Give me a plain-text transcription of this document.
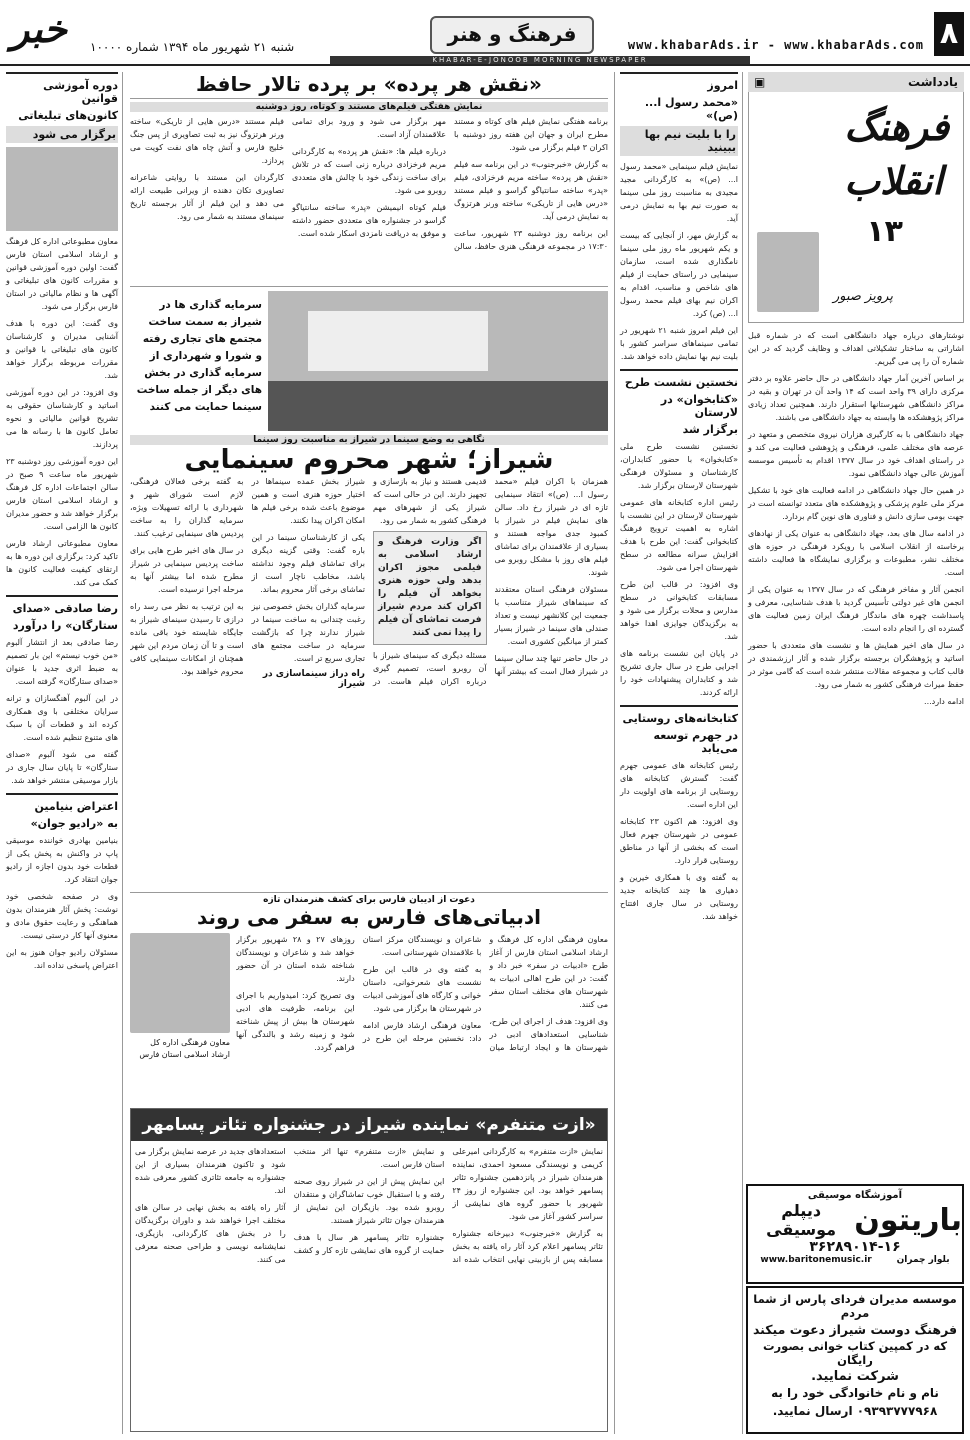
۸
www.khabarAds.ir - www.khabarAds.com
فرهنگ و هنر
خبر	شنبه ۲۱ شهریور ماه ۱۳۹۴ شماره ۱۰۰۰۰
KHABAR-E-JONOOB MORNING NEWSPAPER
یادداشت
▣
فرهنگ
انقلاب
۱۳
پرویز صبور

نوشتارهای درباره جهاد دانشگاهی است که در شماره قبل اشاراتی به ساختار تشکیلاتی اهداف و وظایف گردید که در این شماره آن را پی می گیریم.

بر اساس آخرین آمار جهاد دانشگاهی در حال حاضر علاوه بر دفتر مرکزی دارای ۳۹ واحد است که ۱۴ واحد آن در تهران و بقیه در مراکز دانشگاهی شهرستانها استقرار دارند. همچنین تعداد زیادی مراکز پژوهشکده ها وابسته به جهاد دانشگاهی می باشند.

جهاد دانشگاهی با به کارگیری هزاران نیروی متخصص و متعهد در عرصه های مختلف علمی، فرهنگی و پژوهشی فعالیت می کند و در راستای اهداف خود در سال ۱۳۷۷ اقدام به تأسیس موسسه آموزش عالی جهاد دانشگاهی نمود.

در همین حال جهاد دانشگاهی در ادامه فعالیت های خود با تشکیل مرکز ملی علوم پزشکی و پژوهشکده های متعدد توانسته است در جهت بومی سازی دانش و فناوری های نوین گام بردارد.

در ادامه سال های بعد، جهاد دانشگاهی به عنوان یکی از نهادهای برخاسته از انقلاب اسلامی با رویکرد فرهنگی در حوزه های مختلف نشر، مطبوعات و برگزاری نمایشگاه ها فعالیت داشته است.

انجمن آثار و مفاخر فرهنگی که در سال ۱۳۷۷ به عنوان یکی از انجمن های غیر دولتی تأسیس گردید با هدف شناسایی، معرفی و پاسداشت چهره های ماندگار فرهنگ ایران زمین فعالیت های گسترده ای را انجام داده است.

در سال های اخیر همایش ها و نشست های متعددی با حضور اساتید و پژوهشگران برجسته برگزار شده و آثار ارزشمندی در قالب کتاب و مجموعه مقالات منتشر شده است که گامی موثر در حفظ میراث فرهنگی کشور به شمار می رود.

ادامه دارد...

آموزشگاه موسیقی
باریتون
دیپلم موسیقی
۳۶۲۸۹۰۱۴-۱۶
بلوار چمران
www.baritonemusic.ir
موسسه مدیران فردای پارس از شما مردم
فرهنگ دوست شیراز دعوت میکند
که در کمپین کتاب خوانی بصورت رایگان
شرکت نمایید.
نام و نام خانوادگی خود را به
۰۹۳۹۳۷۷۷۹۶۸ ارسال نمایید.
امروز
«محمد رسول ا... (ص)»
را با بلیت نیم بها ببینید

نمایش فیلم سینمایی «محمد رسول ا... (ص)» به کارگردانی مجید مجیدی به مناسبت روز ملی سینما به صورت نیم بها به نمایش درمی آید.

به گزارش مهر، از آنجایی که بیست و یکم شهریور ماه روز ملی سینما نامگذاری شده است، سازمان سینمایی در راستای حمایت از فیلم های شاخص و مناسب، اقدام به اکران نیم بهای فیلم محمد رسول ا... (ص) کرد.

این فیلم امروز شنبه ۲۱ شهریور در تمامی سینماهای سراسر کشور با بلیت نیم بها نمایش داده خواهد شد.

نخستین نشست طرح
«کتابخوان» در لارستان
برگزار شد

نخستین نشست طرح ملی «کتابخوان» با حضور کتابداران، کارشناسان و مسئولان فرهنگی شهرستان لارستان برگزار شد.

رئیس اداره کتابخانه های عمومی شهرستان لارستان در این نشست با اشاره به اهمیت ترویج فرهنگ کتابخوانی گفت: این طرح با هدف افزایش سرانه مطالعه در سطح شهرستان اجرا می شود.

وی افزود: در قالب این طرح مسابقات کتابخوانی در سطح مدارس و محلات برگزار می شود و به برگزیدگان جوایزی اهدا خواهد شد.

در پایان این نشست برنامه های اجرایی طرح در سال جاری تشریح شد و کتابداران پیشنهادات خود را ارائه کردند.

کتابخانه‌های روستایی
در جهرم توسعه می‌یابد

رئیس کتابخانه های عمومی جهرم گفت: گسترش کتابخانه های روستایی از برنامه های اولویت دار این اداره است.

وی افزود: هم اکنون ۲۳ کتابخانه عمومی در شهرستان جهرم فعال است که بخشی از آنها در مناطق روستایی قرار دارد.

به گفته وی با همکاری خیرین و دهیاری ها چند کتابخانه جدید روستایی در سال جاری افتتاح خواهد شد.

«نقش هر پرده» بر پرده تالار حافظ
نمایش هفتگی فیلم‌های مستند و کوتاه، روز دوشنبه

برنامه هفتگی نمایش فیلم های کوتاه و مستند مطرح ایران و جهان این هفته روز دوشنبه با اکران ۳ فیلم برگزار می شود.

به گزارش «خبرجنوب» در این برنامه سه فیلم «نقش هر پرده» ساخته مریم فرخزادی، فیلم «پدر» ساخته سانتیاگو گراسو و فیلم مستند «درس هایی از تاریکی» ساخته ورنر هرتزوگ به نمایش درمی آید.

این برنامه روز دوشنبه ۲۳ شهریور، ساعت ۱۷:۳۰ در مجموعه فرهنگی هنری حافظ، سالن مهر برگزار می شود و ورود برای تمامی علاقمندان آزاد است.

درباره فیلم ها: «نقش هر پرده» به کارگردانی مریم فرخزادی درباره زنی است که در تلاش برای ساخت زندگی خود با چالش های متعددی روبرو می شود.

فیلم کوتاه انیمیشن «پدر» ساخته سانتیاگو گراسو در جشنواره های متعددی حضور داشته و موفق به دریافت نامزدی اسکار شده است.

فیلم مستند «درس هایی از تاریکی» ساخته ورنر هرتزوگ نیز به ثبت تصاویری از پس جنگ خلیج فارس و آتش چاه های نفت کویت می پردازد.

کارگردان این مستند با روایتی شاعرانه تصاویری تکان دهنده از ویرانی طبیعت ارائه می دهد و این فیلم از آثار برجسته تاریخ سینمای مستند به شمار می رود.

سرمایه گذاری ها در شیراز به سمت ساخت مجتمع های تجاری رفته و شورا و شهرداری از سرمایه گذاری در بخش های دیگر از جمله ساخت سینما حمایت می کنند
نگاهی به وضع سینما در شیراز به مناسبت روز سینما
شیراز؛ شهر محروم سینمایی

همزمان با اکران فیلم «محمد رسول ا... (ص)» انتقاد سینمایی تازه ای در شیراز رخ داد. سالن های نمایش فیلم در شیراز با کمبود جدی مواجه هستند و بسیاری از علاقمندان برای تماشای فیلم های روز با مشکل روبرو می شوند.

مسئولان فرهنگی استان معتقدند که سینماهای شیراز متناسب با جمعیت این کلانشهر نیست و تعداد صندلی های سینما در شیراز بسیار کمتر از میانگین کشوری است.

در حال حاضر تنها چند سالن سینما در شیراز فعال است که بیشتر آنها قدیمی هستند و نیاز به بازسازی و تجهیز دارند. این در حالی است که شیراز یکی از شهرهای مهم فرهنگی کشور به شمار می رود.

اگر وزارت فرهنگ و ارشاد اسلامی به فیلمی مجوز اکران بدهد ولی حوزه هنری بخواهد آن فیلم را اکران کند مردم شیراز فرصت تماشای آن فیلم را پیدا نمی کنند

مسئله دیگری که سینمای شیراز با آن روبرو است، تصمیم گیری درباره اکران فیلم هاست. در شیراز بخش عمده سینماها در اختیار حوزه هنری است و همین موضوع باعث شده برخی فیلم ها امکان اکران پیدا نکنند.

یکی از کارشناسان سینما در این باره گفت: وقتی گزینه دیگری برای تماشای فیلم وجود نداشته باشد، مخاطب ناچار است از تماشای برخی آثار محروم بماند.

سرمایه گذاران بخش خصوصی نیز رغبت چندانی به ساخت سینما در شیراز ندارند چرا که بازگشت سرمایه در ساخت مجتمع های تجاری سریع تر است.

راه دراز سینماسازی در شیراز

به گفته برخی فعالان فرهنگی، لازم است شورای شهر و شهرداری با ارائه تسهیلات ویژه، سرمایه گذاران را به ساخت پردیس های سینمایی ترغیب کنند.

در سال های اخیر طرح هایی برای ساخت پردیس سینمایی در شیراز مطرح شده اما بیشتر آنها به مرحله اجرا نرسیده است.

به این ترتیب به نظر می رسد راه درازی تا رسیدن سینمای شیراز به جایگاه شایسته خود باقی مانده است و تا آن زمان مردم این شهر همچنان از امکانات سینمایی کافی محروم خواهند بود.

دعوت از ادیبان فارس برای کشف هنرمندان تازه
ادبیاتی‌های فارس به سفر می روند

معاون فرهنگی اداره کل فرهنگ و ارشاد اسلامی استان فارس از آغاز طرح «ادبیات در سفر» خبر داد و گفت: در این طرح اهالی ادبیات به شهرستان های مختلف استان سفر می کنند.

وی افزود: هدف از اجرای این طرح، شناسایی استعدادهای ادبی در شهرستان ها و ایجاد ارتباط میان شاعران و نویسندگان مرکز استان با علاقمندان شهرستانی است.

به گفته وی در قالب این طرح نشست های شعرخوانی، داستان خوانی و کارگاه های آموزشی ادبیات در شهرستان ها برگزار می شود.

معاون فرهنگی ارشاد فارس ادامه داد: نخستین مرحله این طرح در روزهای ۲۷ و ۲۸ شهریور برگزار خواهد شد و شاعران و نویسندگان شناخته شده استان در آن حضور دارند.

وی تصریح کرد: امیدواریم با اجرای این برنامه، ظرفیت های ادبی شهرستان ها بیش از پیش شناخته شود و زمینه رشد و بالندگی آنها فراهم گردد.

معاون فرهنگی اداره کل ارشاد اسلامی استان فارس
«ازت متنفرم» نماینده شیراز در جشنواره تئاتر پسامهر

نمایش «ازت متنفرم» به کارگردانی امیرعلی کریمی و نویسندگی مسعود احمدی، نماینده هنرمندان شیراز در پانزدهمین جشنواره تئاتر پسامهر خواهد بود. این جشنواره از روز ۲۴ شهریور با حضور گروه های نمایشی از سراسر کشور آغاز می شود.

به گزارش «خبرجنوب» دبیرخانه جشنواره تئاتر پسامهر اعلام کرد آثار راه یافته به بخش مسابقه پس از بازبینی نهایی انتخاب شده اند و نمایش «ازت متنفرم» تنها اثر منتخب استان فارس است.

این نمایش پیش از این در شیراز روی صحنه رفته و با استقبال خوب تماشاگران و منتقدان روبرو شده بود. بازیگران این نمایش از هنرمندان جوان تئاتر شیراز هستند.

جشنواره تئاتر پسامهر هر سال با هدف حمایت از گروه های نمایشی تازه کار و کشف استعدادهای جدید در عرصه نمایش برگزار می شود و تاکنون هنرمندان بسیاری از این جشنواره به جامعه تئاتری کشور معرفی شده اند.

آثار راه یافته به بخش نهایی در سالن های مختلف اجرا خواهند شد و داوران برگزیدگان را در بخش های کارگردانی، بازیگری، نمایشنامه نویسی و طراحی صحنه معرفی می کنند.

دوره آموزشی قوانین
کانون‌های تبلیغاتی
برگزار می شود

معاون مطبوعاتی اداره کل فرهنگ و ارشاد اسلامی استان فارس گفت: اولین دوره آموزشی قوانین و مقررات کانون های تبلیغاتی و آگهی ها و نظام مالیاتی در استان فارس برگزار می شود.

وی گفت: این دوره با هدف آشنایی مدیران و کارشناسان کانون های تبلیغاتی با قوانین و مقررات مربوطه برگزار خواهد شد.

وی افزود: در این دوره آموزشی اساتید و کارشناسان حقوقی به تشریح قوانین مالیاتی و نحوه تعامل کانون ها با رسانه ها می پردازند.

این دوره آموزشی روز دوشنبه ۲۳ شهریور ماه ساعت ۹ صبح در سالن اجتماعات اداره کل فرهنگ و ارشاد اسلامی استان فارس برگزار خواهد شد و حضور مدیران کانون ها الزامی است.

معاون مطبوعاتی ارشاد فارس تاکید کرد: برگزاری این دوره ها به ارتقای کیفیت فعالیت کانون ها کمک می کند.

رضا صادقی «صدای
ستارگان» را درآورد

رضا صادقی بعد از انتشار آلبوم «من خوب نیستم» این بار تصمیم به ضبط اثری جدید با عنوان «صدای ستارگان» گرفته است.

در این آلبوم آهنگسازان و ترانه سرایان مختلفی با وی همکاری کرده اند و قطعات آن با سبک های متنوع تنظیم شده است.

گفته می شود آلبوم «صدای ستارگان» تا پایان سال جاری در بازار موسیقی منتشر خواهد شد.

اعتراض بنیامین
به «رادیو جوان»

بنیامین بهادری خواننده موسیقی پاپ در واکنش به پخش یکی از قطعات خود بدون اجازه از رادیو جوان انتقاد کرد.

وی در صفحه شخصی خود نوشت: پخش آثار هنرمندان بدون هماهنگی و رعایت حقوق مادی و معنوی آنها کار درستی نیست.

مسئولان رادیو جوان هنوز به این اعتراض پاسخی نداده اند.
